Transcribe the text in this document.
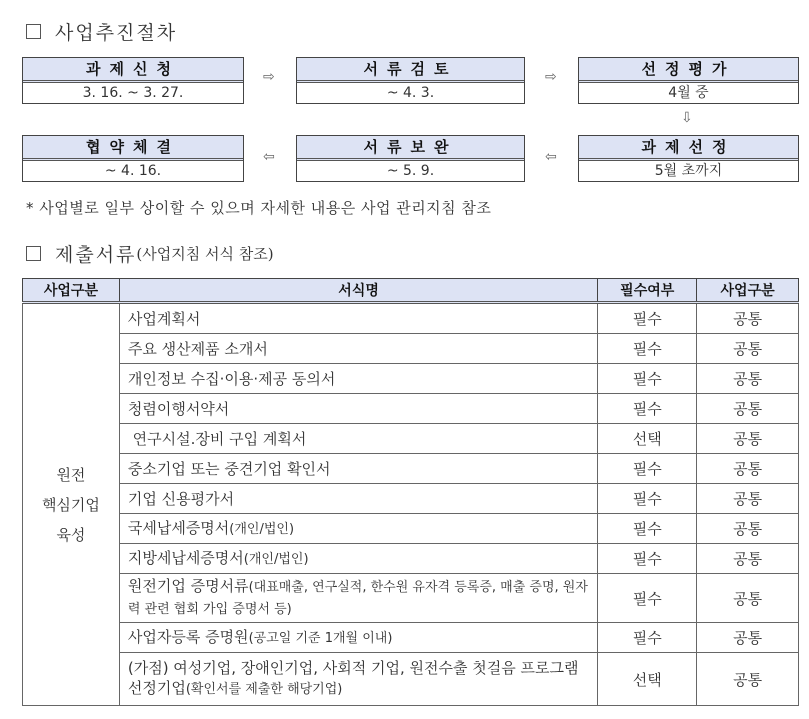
사업추진절차
과제신청
3. 16. ~ 3. 27.
⇨	서류검토
~ 4. 3.
⇨	선정평가
4월 중
⇩
과제선정
5월 초까지
⇦
서류보완
~ 5. 9.
⇦
협약체결
~ 4. 16.
* 사업별로 일부 상이할 수 있으며 자세한 내용은 사업 관리지침 참조
제출서류 (사업지침 서식 참조)
사업구분	서식명	필수여부	사업구분

원전
핵심기업
육성	사업계획서	필수	공통
	주요 생산제품 소개서	필수	공통
	개인정보 수집·이용·제공 동의서	필수	공통
	청렴이행서약서	필수	공통
	연구시설.장비 구입 계획서	선택	공통
	중소기업 또는 중견기업 확인서	필수	공통
	기업 신용평가서	필수	공통
	국세납세증명서(개인/법인)	필수	공통
	지방세납세증명서(개인/법인)	필수	공통
	원전기업 증명서류(대표매출, 연구실적, 한수원 유자격 등록증, 매출 증명, 원자력 관련 협회 가입 증명서 등)	필수	공통
	사업자등록 증명원(공고일 기준 1개월 이내)	필수	공통
	(가점) 여성기업, 장애인기업, 사회적 기업, 원전수출 첫걸음 프로그램 선정기업(확인서를 제출한 해당기업)	선택	공통
